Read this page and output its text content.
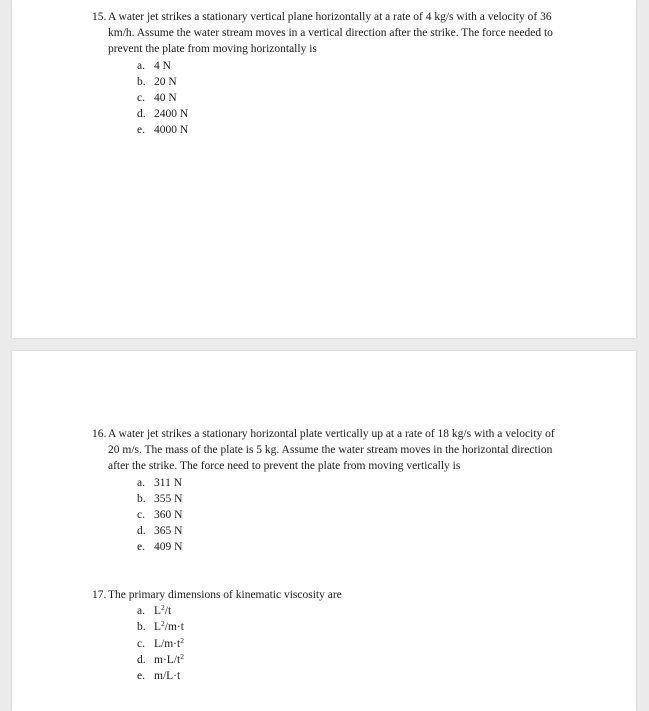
15. A water jet strikes a stationary vertical plane horizontally at a rate of 4 kg/s with a velocity of 36 km/h. Assume the water stream moves in a vertical direction after the strike. The force needed to prevent the plate from moving horizontally is

a. 4 N
b. 20 N
c. 40 N
d. 2400 N
e. 4000 N

16. A water jet strikes a stationary horizontal plate vertically up at a rate of 18 kg/s with a velocity of 20 m/s. The mass of the plate is 5 kg. Assume the water stream moves in the horizontal direction after the strike. The force need to prevent the plate from moving vertically is

a. 311 N
b. 355 N
c. 360 N
d. 365 N
e. 409 N

17. The primary dimensions of kinematic viscosity are

a. $L^2/t$
b. $L^2/m\cdot t$
c. $L/m\cdot t^2$
d. $m\cdot L/t^2$
e. m/L·t
